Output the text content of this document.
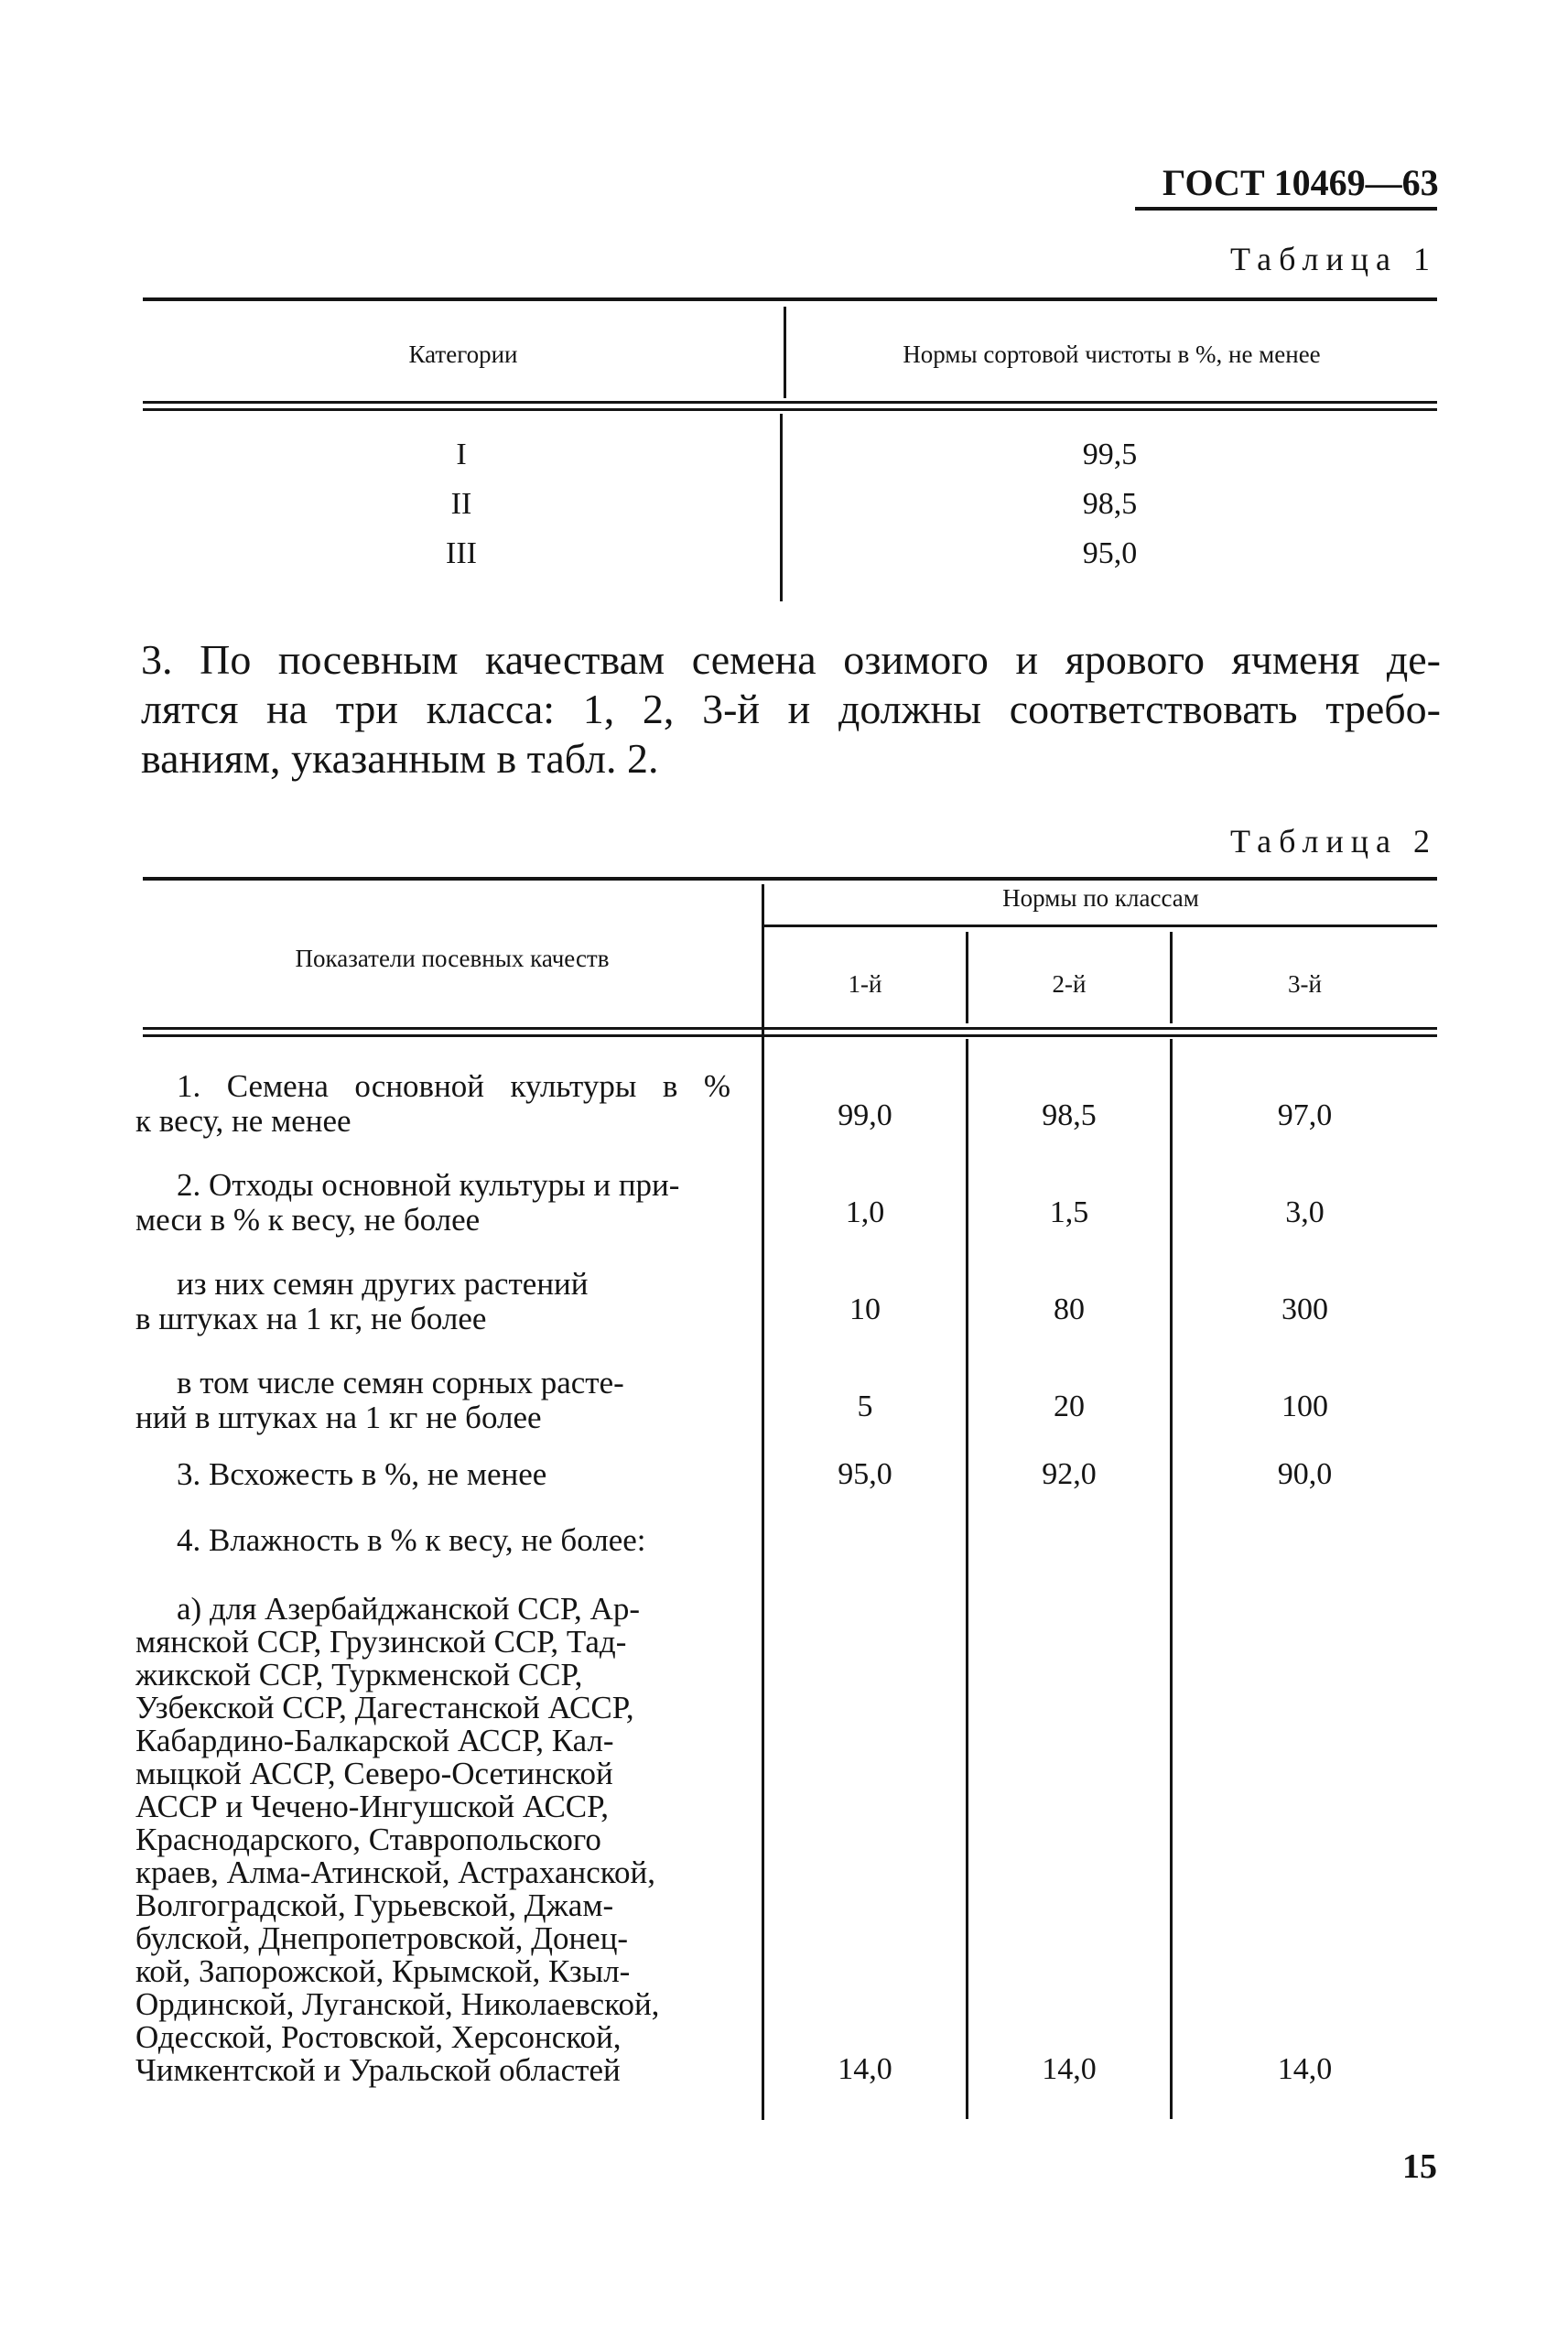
ГОСТ 10469—63
Таблица 1
Категории	Нормы сортовой чистоты в %, не менее
I	99,5
II	98,5
III	95,0
3. По посевным качествам семена озимого и ярового ячменя де-
лятся на три класса: 1, 2, 3-й и должны соответствовать требо-
ваниям, указанным в табл. 2.
Таблица 2
Нормы по классам
Показатели посевных качеств
1-й	2-й	3-й
1. Семена основной культуры в %
к весу, не менее	99,0	98,5	97,0
2. Отходы основной культуры и при-
меси в % к весу, не более	1,0	1,5	3,0
из них семян других растений
в штуках на 1 кг, не более	10	80	300
в том числе семян сорных расте-
ний в штуках на 1 кг не более	5	20	100
3. Всхожесть в %, не менее	95,0	92,0	90,0
4. Влажность в % к весу, не более:
а) для Азербайджанской ССР, Ар-
мянской ССР, Грузинской ССР, Тад-
жикской ССР, Туркменской ССР,
Узбекской ССР, Дагестанской АССР,
Кабардино-Балкарской АССР, Кал-
мыцкой АССР, Северо-Осетинской
АССР и Чечено-Ингушской АССР,
Краснодарского, Ставропольского
краев, Алма-Атинской, Астраханской,
Волгоградской, Гурьевской, Джам-
булской, Днепропетровской, Донец-
кой, Запорожской, Крымской, Кзыл-
Ординской, Луганской, Николаевской,
Одесской, Ростовской, Херсонской,
Чимкентской и Уральской областей	14,0	14,0	14,0
15
